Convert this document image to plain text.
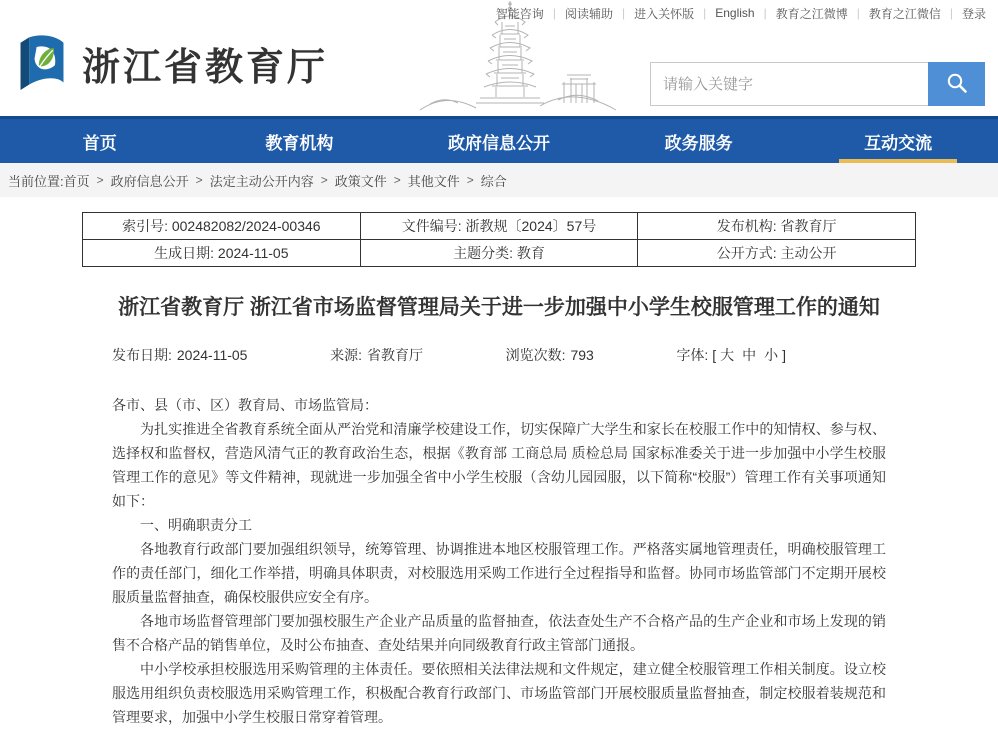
智能咨询 | 阅读辅助 | 进入关怀版 | English | 教育之江微博 | 教育之江微信 | 登录
浙江省教育厅
请输入关键字
首页	教育机构	政府信息公开	政务服务	互动交流
当前位置: 首页 > 政府信息公开 > 法定主动公开内容 > 政策文件 > 其他文件 > 综合
索引号: 002482082/2024-00346	文件编号: 浙教规〔2024〕57号	发布机构: 省教育厅
生成日期: 2024-11-05	主题分类: 教育	公开方式: 主动公开
浙江省教育厅 浙江省市场监督管理局关于进一步加强中小学生校服管理工作的通知
发布日期: 2024-11-05	来源: 省教育厅	浏览次数: 793	字体: [ 大 中 小 ]

各市、县（市、区）教育局、市场监管局：

为扎实推进全省教育系统全面从严治党和清廉学校建设工作，切实保障广大学生和家长在校服工作中的知情权、参与权、选择权和监督权，营造风清气正的教育政治生态，根据《教育部 工商总局 质检总局 国家标准委关于进一步加强中小学生校服管理工作的意见》等文件精神，现就进一步加强全省中小学生校服（含幼儿园园服，以下简称“校服”）管理工作有关事项通知如下：

一、明确职责分工

各地教育行政部门要加强组织领导，统筹管理、协调推进本地区校服管理工作。严格落实属地管理责任，明确校服管理工作的责任部门，细化工作举措，明确具体职责，对校服选用采购工作进行全过程指导和监督。协同市场监管部门不定期开展校服质量监督抽查，确保校服供应安全有序。

各地市场监督管理部门要加强校服生产企业产品质量的监督抽查，依法查处生产不合格产品的生产企业和市场上发现的销售不合格产品的销售单位，及时公布抽查、查处结果并向同级教育行政主管部门通报。

中小学校承担校服选用采购管理的主体责任。要依照相关法律法规和文件规定，建立健全校服管理工作相关制度。设立校服选用组织负责校服选用采购管理工作，积极配合教育行政部门、市场监管部门开展校服质量监督抽查，制定校服着装规范和管理要求，加强中小学生校服日常穿着管理。
